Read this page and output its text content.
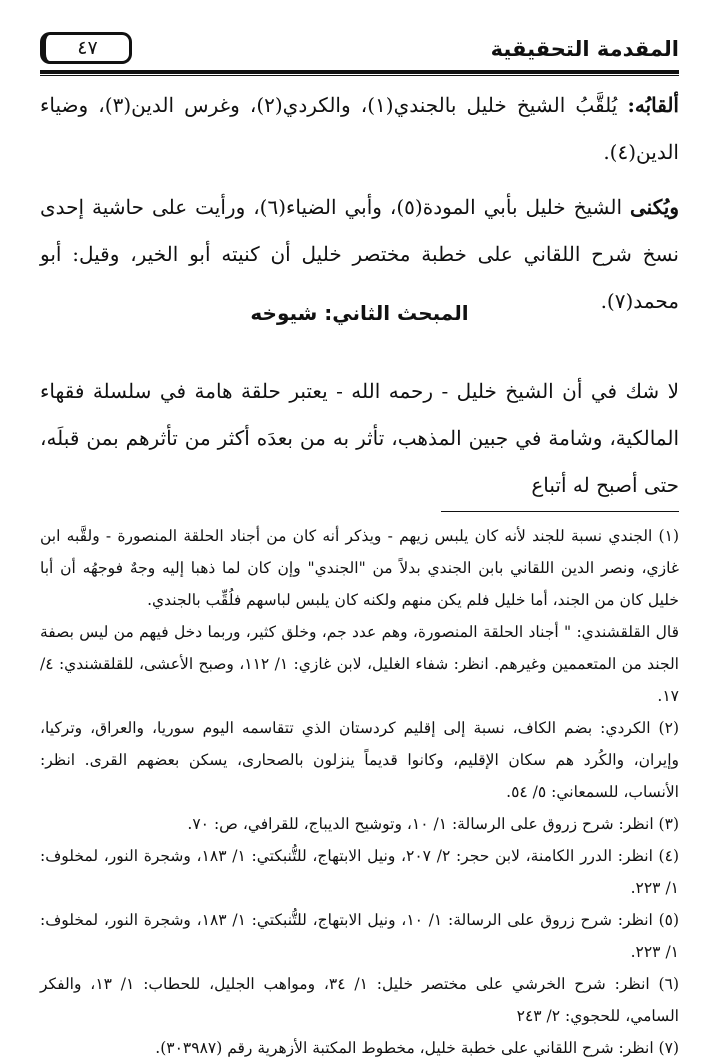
المقدمة التحقيقية
٤٧

ألقابُه: يُلقَّبُ الشيخ خليل بالجندي(١)، والكردي(٢)، وغرس الدين(٣)، وضياء الدين(٤).

ويُكنى الشيخ خليل بأبي المودة(٥)، وأبي الضياء(٦)، ورأيت على حاشية إحدى نسخ شرح اللقاني على خطبة مختصر خليل أن كنيته أبو الخير، وقيل: أبو محمد(٧).

المبحث الثاني: شيوخه

لا شك في أن الشيخ خليل - رحمه الله - يعتبر حلقة هامة في سلسلة فقهاء المالكية، وشامة في جبين المذهب، تأثر به من بعدَه أكثر من تأثرهم بمن قبلَه، حتى أصبح له أتباع

(١) الجندي نسبة للجند لأنه كان يلبس زيهم - ويذكر أنه كان من أجناد الحلقة المنصورة - ولقَّبه ابن غازي، ونصر الدين اللقاني بابن الجندي بدلاً من "الجندي" وإن كان لما ذهبا إليه وجهٌ فوجهُه أن أبا خليل كان من الجند، أما خليل فلم يكن منهم ولكنه كان يلبس لباسهم فلُقِّب بالجندي.

قال القلقشندي: " أجناد الحلقة المنصورة، وهم عدد جم، وخلق كثير، وربما دخل فيهم من ليس بصفة الجند من المتعممين وغيرهم. انظر: شفاء الغليل، لابن غازي: ١/ ١١٢، وصبح الأعشى، للقلقشندي: ٤/ ١٧.

(٢) الكردي: بضم الكاف، نسبة إلى إقليم كردستان الذي تتقاسمه اليوم سوريا، والعراق، وتركيا، وإيران، والكُرد هم سكان الإقليم، وكانوا قديماً ينزلون بالصحارى، يسكن بعضهم القرى. انظر: الأنساب، للسمعاني: ٥/ ٥٤.

(٣) انظر: شرح زروق على الرسالة: ١/ ١٠، وتوشيح الديباج، للقرافي، ص: ٧٠.

(٤) انظر: الدرر الكامنة، لابن حجر: ٢/ ٢٠٧، ونيل الابتهاج، للتُّنبكتي: ١/ ١٨٣، وشجرة النور، لمخلوف: ١/ ٢٢٣.

(٥) انظر: شرح زروق على الرسالة: ١/ ١٠، ونيل الابتهاج، للتُّنبكتي: ١/ ١٨٣، وشجرة النور، لمخلوف: ١/ ٢٢٣.

(٦) انظر: شرح الخرشي على مختصر خليل: ١/ ٣٤، ومواهب الجليل، للحطاب: ١/ ١٣، والفكر السامي، للحجوي: ٢/ ٢٤٣

(٧) انظر: شرح اللقاني على خطبة خليل، مخطوط المكتبة الأزهرية رقم (٣٠٣٩٨٧).
